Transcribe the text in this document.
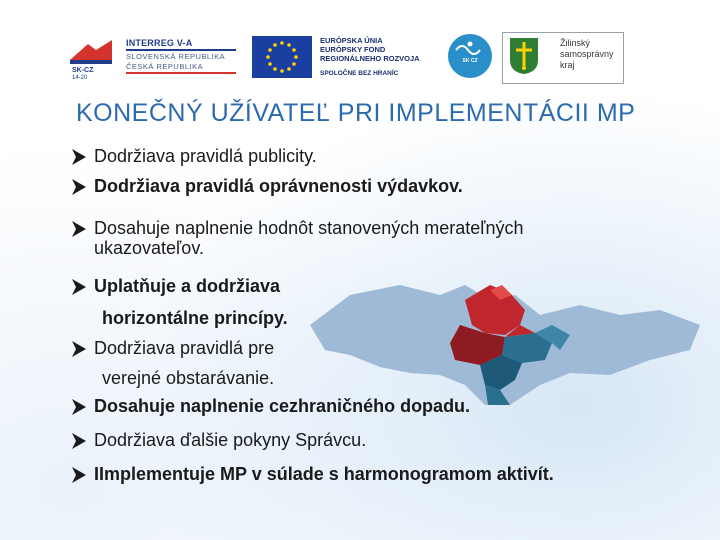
SK-CZ
14-20
INTERREG V-A
SLOVENSKÁ REPUBLIKA
ČESKÁ REPUBLIKA
EURÓPSKA ÚNIA
EURÓPSKY FOND
REGIONÁLNEHO ROZVOJA
SPOLOČNE BEZ HRANÍC
SK CZ
Žilinský
samosprávny
kraj
KONEČNÝ UŽÍVATEĽ PRI IMPLEMENTÁCII MP
Dodržiava pravidlá publicity.
Dodržiava pravidlá oprávnenosti výdavkov.
Dosahuje naplnenie hodnôt stanovených merateľných
ukazovateľov.
Uplatňuje a dodržiava
horizontálne princípy.
Dodržiava pravidlá pre
verejné obstarávanie.
Dosahuje naplnenie cezhraničného dopadu.
Dodržiava ďalšie pokyny Správcu.
IImplementuje MP v súlade s harmonogramom aktivít.
